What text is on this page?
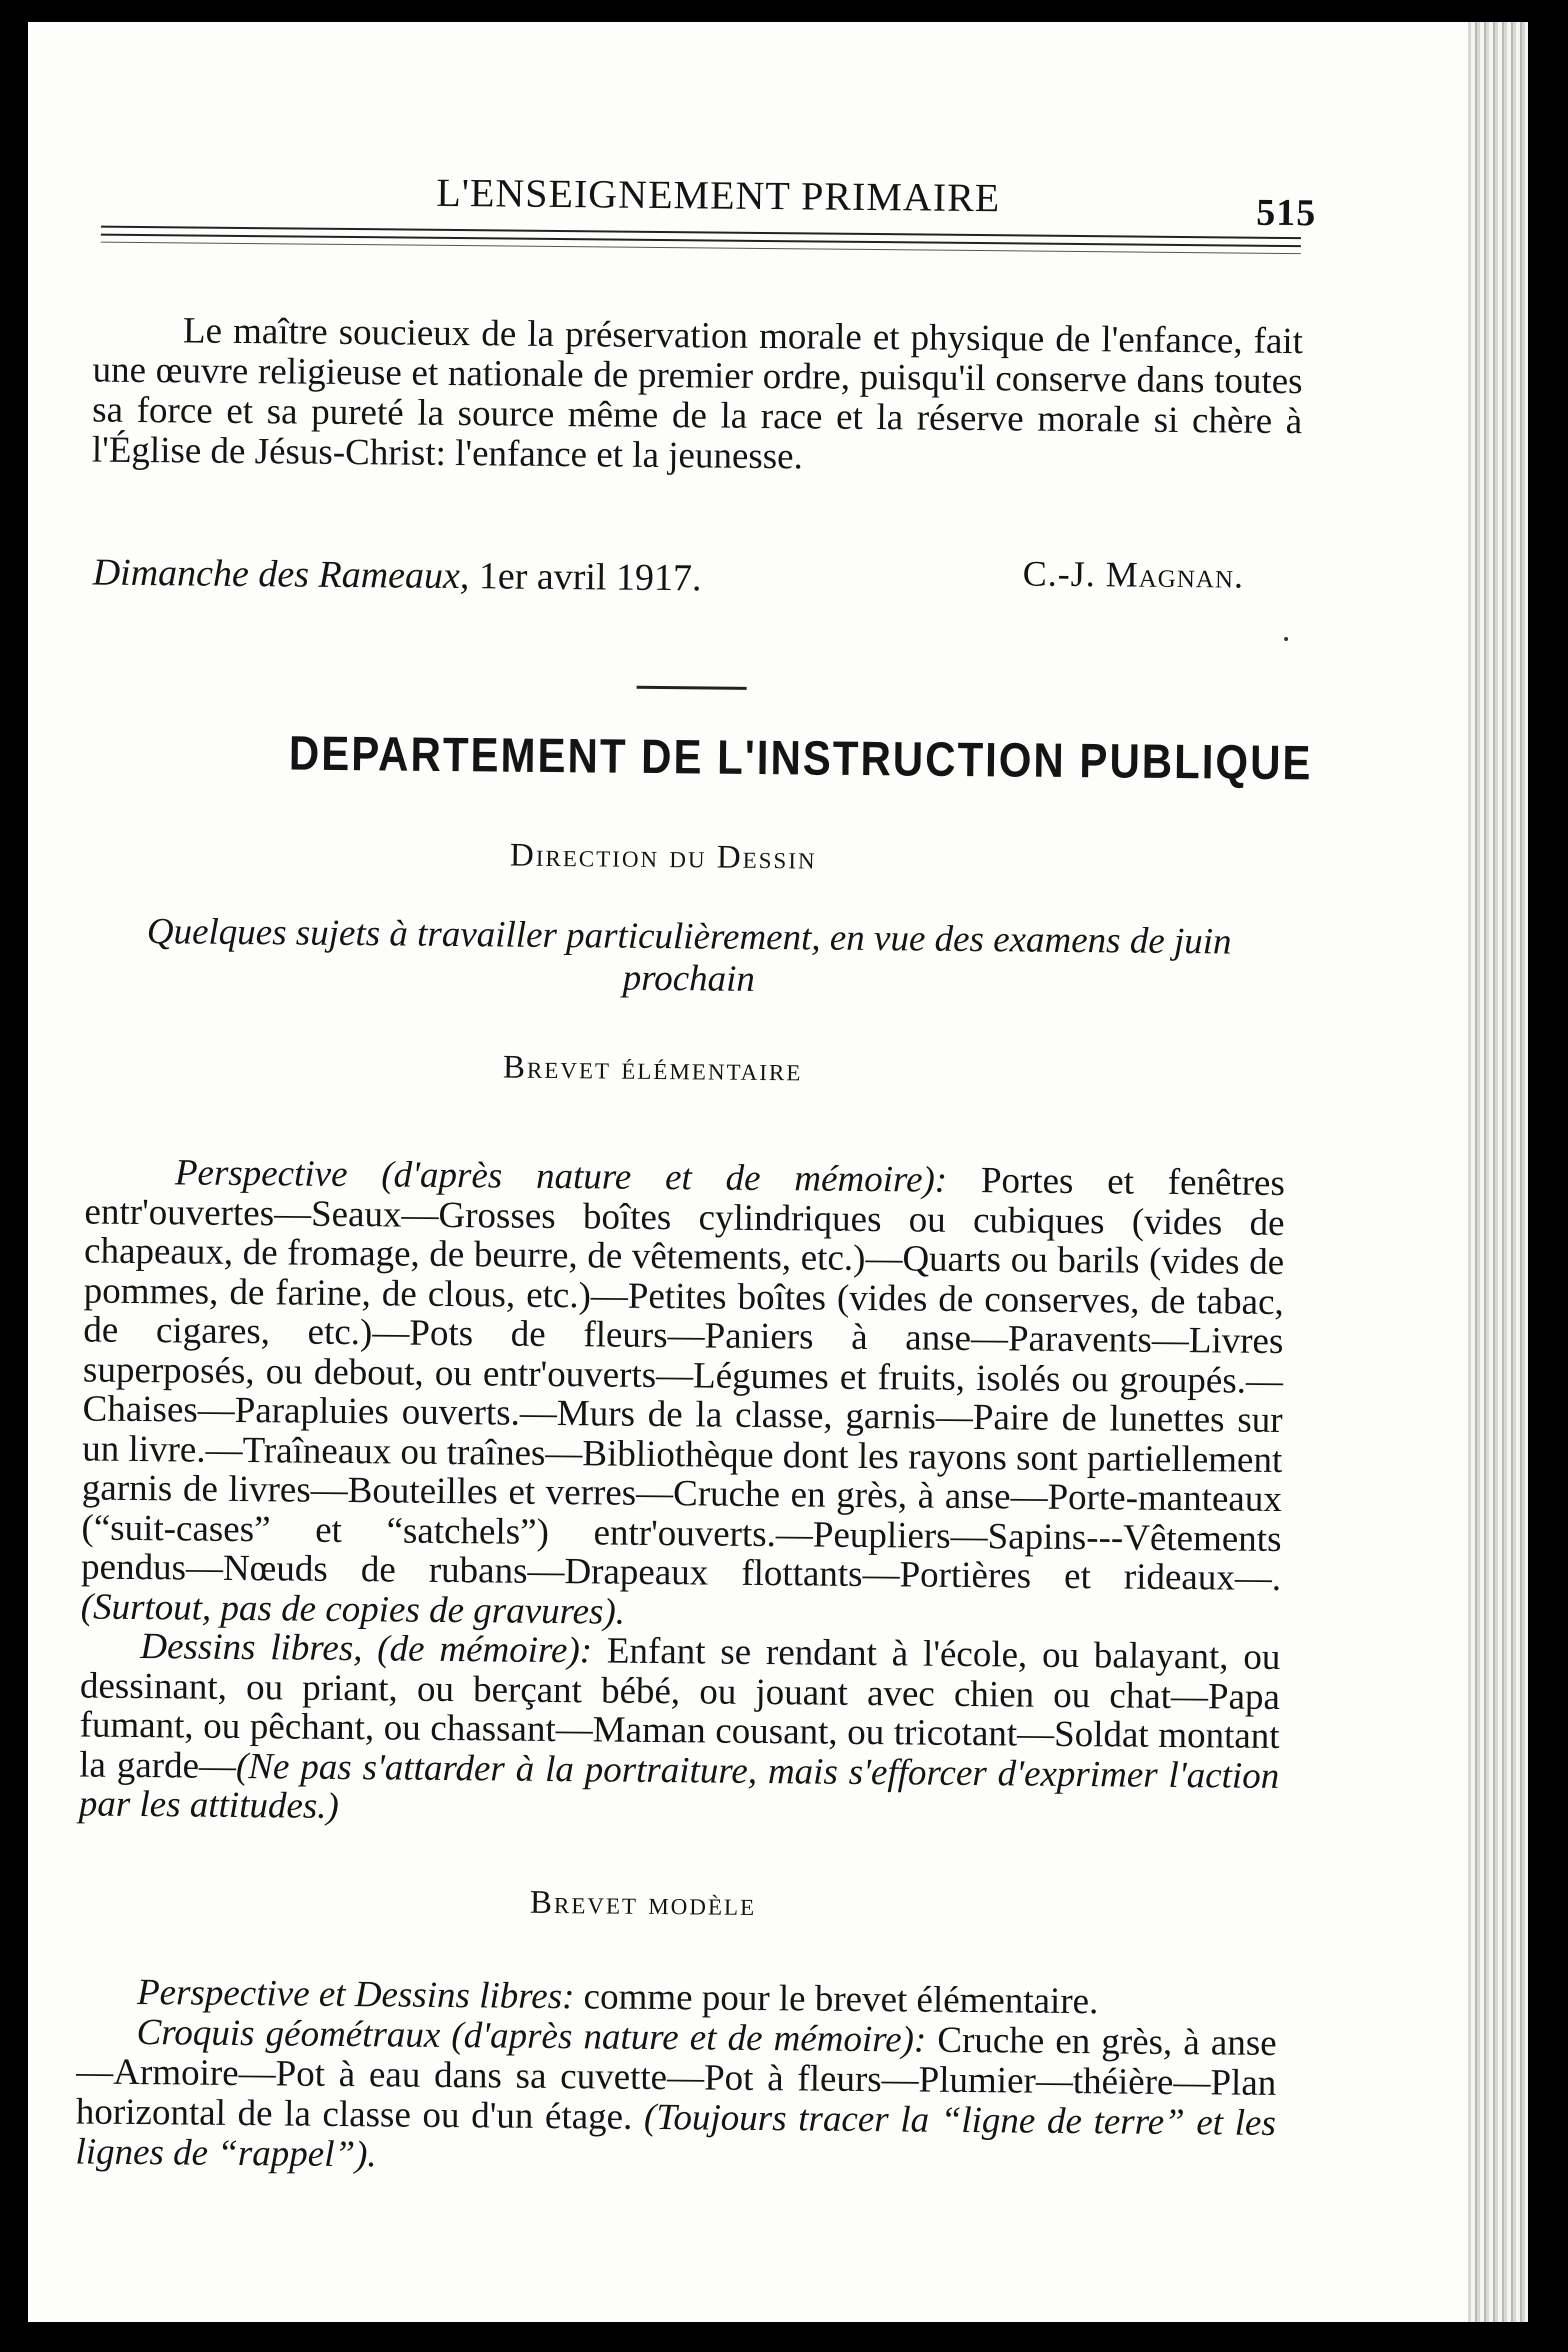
L'ENSEIGNEMENT PRIMAIRE	515

Le maître soucieux de la préservation morale et physique de l'enfance, fait une œuvre religieuse et nationale de premier ordre, puisqu'il conserve dans toutes sa force et sa pureté la source même de la race et la réserve morale si chère à l'Église de Jésus-Christ: l'enfance et la jeunesse.

Dimanche des Rameaux, 1er avril 1917.	C.-J. Magnan.
DEPARTEMENT DE L'INSTRUCTION PUBLIQUE
Direction du Dessin
Quelques sujets à travailler particulièrement, en vue des examens de juin prochain
Brevet élémentaire

Perspective (d'après nature et de mémoire): Portes et fenêtres entr'ouvertes—Seaux—Grosses boîtes cylindriques ou cubiques (vides de chapeaux, de fromage, de beurre, de vêtements, etc.)—Quarts ou barils (vides de pommes, de farine, de clous, etc.)—Petites boîtes (vides de conserves, de tabac, de cigares, etc.)—Pots de fleurs—Paniers à anse—Paravents—Livres superposés, ou debout, ou entr'ouverts—Légumes et fruits, isolés ou groupés.—Chaises—Parapluies ouverts.—Murs de la classe, garnis—Paire de lunettes sur un livre.—Traîneaux ou traînes—Bibliothèque dont les rayons sont partiellement garnis de livres—Bouteilles et verres—Cruche en grès, à anse—Porte-manteaux (“suit-cases” et “satchels”) entr'ouverts.—Peupliers—Sapins---Vêtements pendus—Nœuds de rubans—Drapeaux flottants—Portières et rideaux—.(Surtout, pas de copies de gravures).
Dessins libres, (de mémoire): Enfant se rendant à l'école, ou balayant, ou dessinant, ou priant, ou berçant bébé, ou jouant avec chien ou chat—Papa fumant, ou pêchant, ou chassant—Maman cousant, ou tricotant—Soldat montant la garde—(Ne pas s'attarder à la portraiture, mais s'efforcer d'exprimer l'action par les attitudes.)

Brevet modèle

Perspective et Dessins libres: comme pour le brevet élémentaire.
Croquis géométraux (d'après nature et de mémoire): Cruche en grès, à anse—Armoire—Pot à eau dans sa cuvette—Pot à fleurs—Plumier—théière—Plan horizontal de la classe ou d'un étage. (Toujours tracer la “ligne de terre” et les lignes de “rappel”).
